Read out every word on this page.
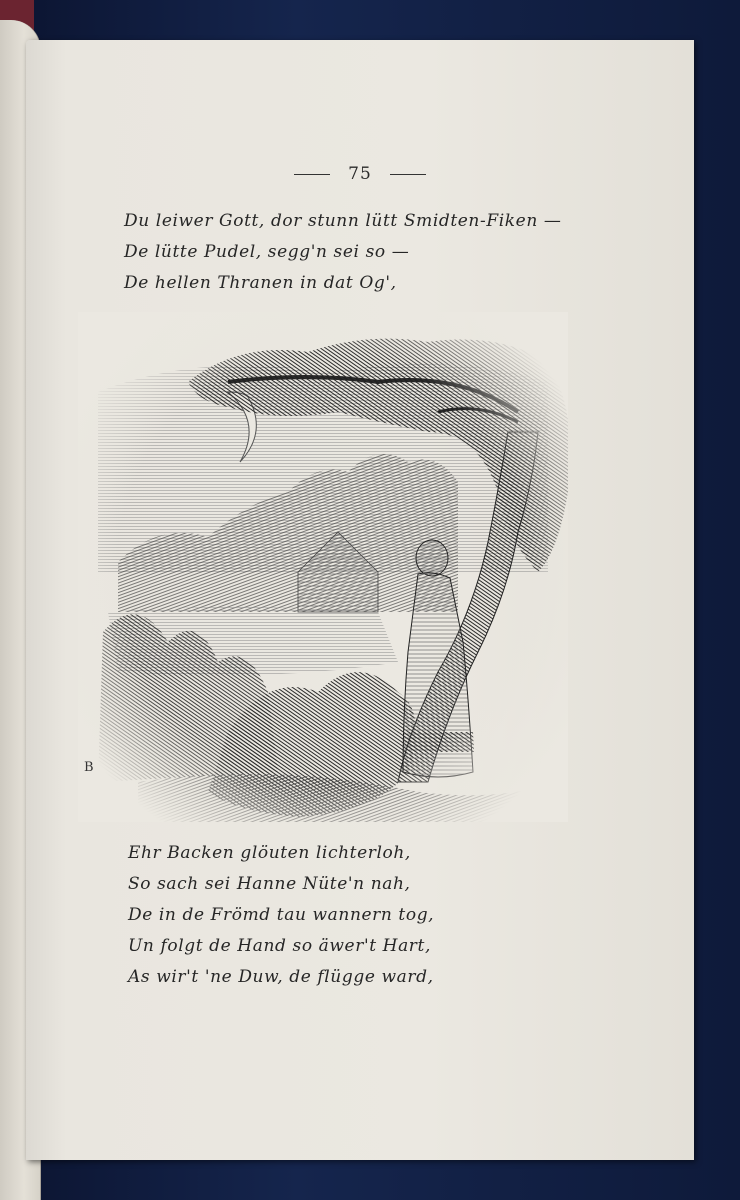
75
Du leiwer Gott, dor stunn lütt Smidten-Fiken —
De lütte Pudel, segg'n sei so —
De hellen Thranen in dat Og',
B
Ehr Backen glöuten lichterloh,
So sach sei Hanne Nüte'n nah,
De in de Frömd tau wannern tog,
Un folgt de Hand so äwer't Hart,
As wir't 'ne Duw, de flügge ward,
